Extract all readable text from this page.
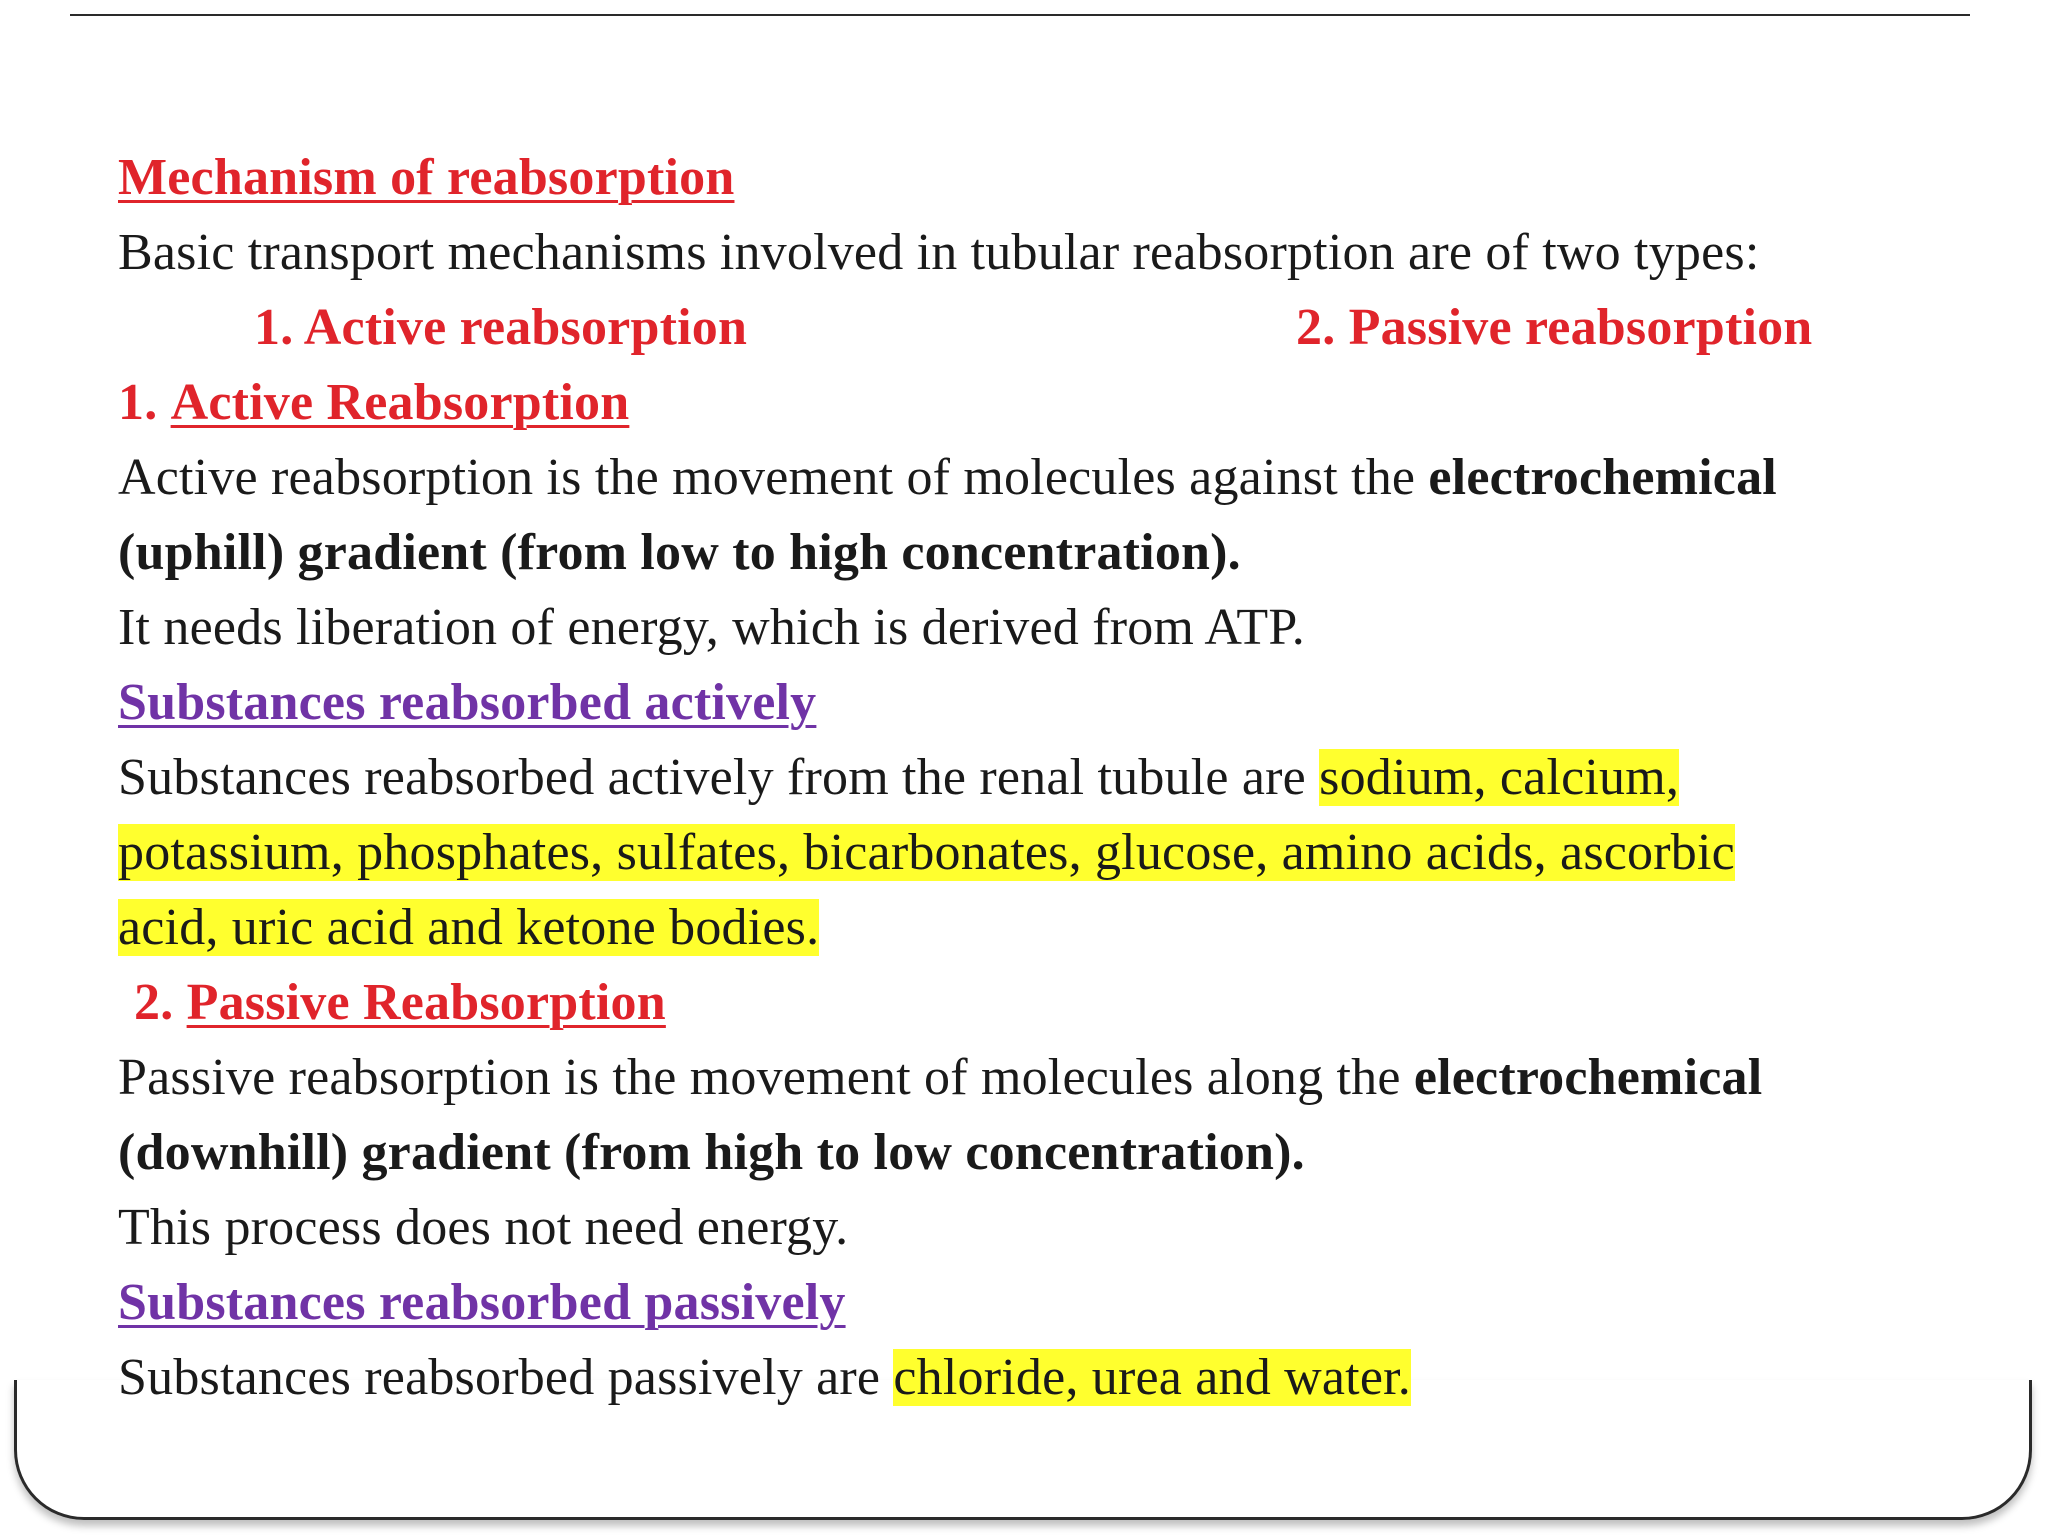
Mechanism of reabsorption
Basic transport mechanisms involved in tubular reabsorption are of two types:
1. Active reabsorption	2. Passive reabsorption
1. Active Reabsorption
Active reabsorption is the movement of molecules against the electrochemical
(uphill) gradient (from low to high concentration).
It needs liberation of energy, which is derived from ATP.
Substances reabsorbed actively
Substances reabsorbed actively from the renal tubule are sodium, calcium,
potassium, phosphates, sulfates, bicarbonates, glucose, amino acids, ascorbic
acid, uric acid and ketone bodies.
2. Passive Reabsorption
Passive reabsorption is the movement of molecules along the electrochemical
(downhill) gradient (from high to low concentration).
This process does not need energy.
Substances reabsorbed passively
Substances reabsorbed passively are chloride, urea and water.
